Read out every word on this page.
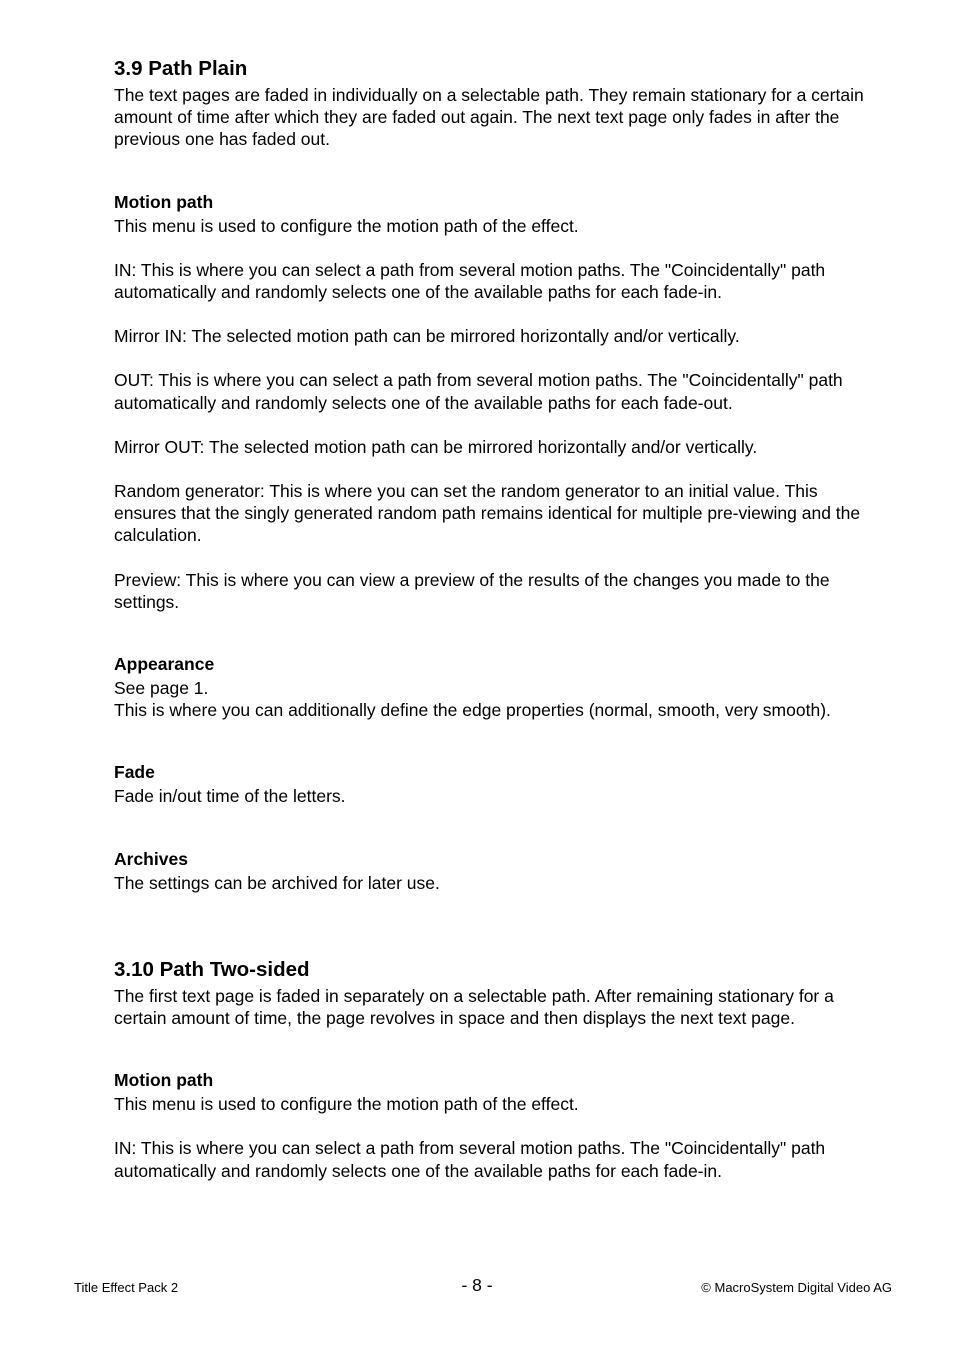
3.9 Path Plain

The text pages are faded in individually on a selectable path. They remain stationary for a certain amount of time after which they are faded out again. The next text page only fades in after the previous one has faded out.

Motion path

This menu is used to configure the motion path of the effect.

IN: This is where you can select a path from several motion paths. The "Coincidentally" path automatically and randomly selects one of the available paths for each fade-in.

Mirror IN: The selected motion path can be mirrored horizontally and/or vertically.

OUT: This is where you can select a path from several motion paths. The "Coincidentally" path automatically and randomly selects one of the available paths for each fade-out.

Mirror OUT: The selected motion path can be mirrored horizontally and/or vertically.

Random generator: This is where you can set the random generator to an initial value. This ensures that the singly generated random path remains identical for multiple pre-viewing and the calculation.

Preview: This is where you can view a preview of the results of the changes you made to the settings.

Appearance

See page 1.

This is where you can additionally define the edge properties (normal, smooth, very smooth).

Fade

Fade in/out time of the letters.

Archives

The settings can be archived for later use.

3.10 Path Two-sided

The first text page is faded in separately on a selectable path. After remaining stationary for a certain amount of time, the page revolves in space and then displays the next text page.

Motion path

This menu is used to configure the motion path of the effect.

IN: This is where you can select a path from several motion paths. The "Coincidentally" path automatically and randomly selects one of the available paths for each fade-in.

Title Effect Pack 2	- 8 -	© MacroSystem Digital Video AG
